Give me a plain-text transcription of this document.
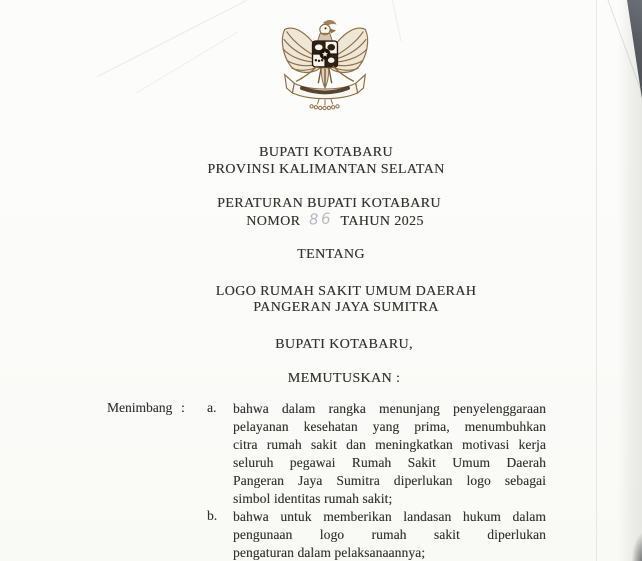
BUPATI KOTABARU
PROVINSI KALIMANTAN SELATAN
PERATURAN BUPATI KOTABARU
NOMOR 86 TAHUN 2025
TENTANG
LOGO RUMAH SAKIT UMUM DAERAH
PANGERAN JAYA SUMITRA
BUPATI KOTABARU,
MEMUTUSKAN :
Menimbang : a.
b.
bahwa dalam rangka menunjang penyelenggaraan
pelayanan kesehatan yang prima, menumbuhkan
citra rumah sakit dan meningkatkan motivasi kerja
seluruh pegawai Rumah Sakit Umum Daerah
Pangeran Jaya Sumitra diperlukan logo sebagai
simbol identitas rumah sakit;
bahwa untuk memberikan landasan hukum dalam
pengunaan logo rumah sakit diperlukan
pengaturan dalam pelaksanaannya;
